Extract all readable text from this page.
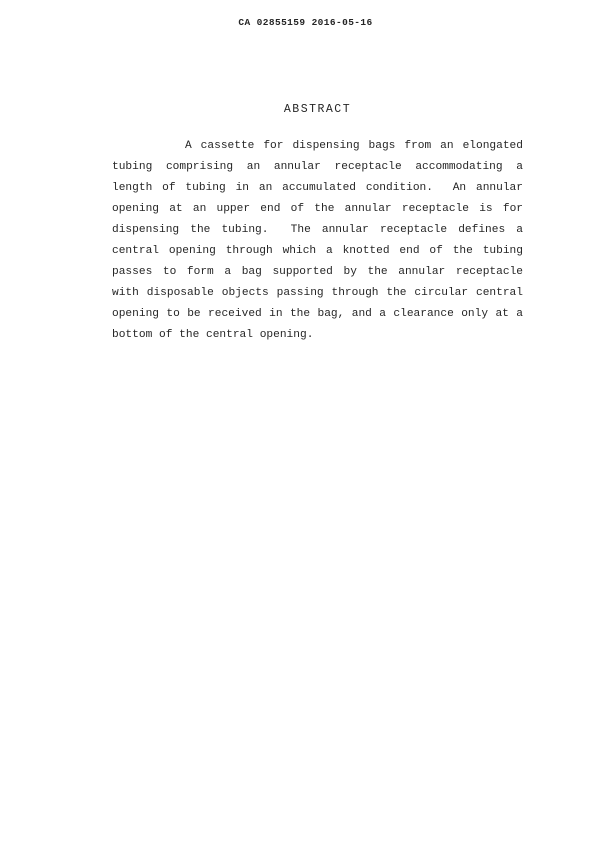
CA 02855159 2016-05-16
ABSTRACT
A cassette for dispensing bags from an elongated
tubing comprising an annular receptacle accommodating a
length of tubing in an accumulated condition.  An annular
opening at an upper end of the annular receptacle is for
dispensing the tubing.  The annular receptacle defines a
central opening through which a knotted end of the tubing
passes to form a bag supported by the annular receptacle
with disposable objects passing through the circular central
opening to be received in the bag, and a clearance only at a
bottom of the central opening.
